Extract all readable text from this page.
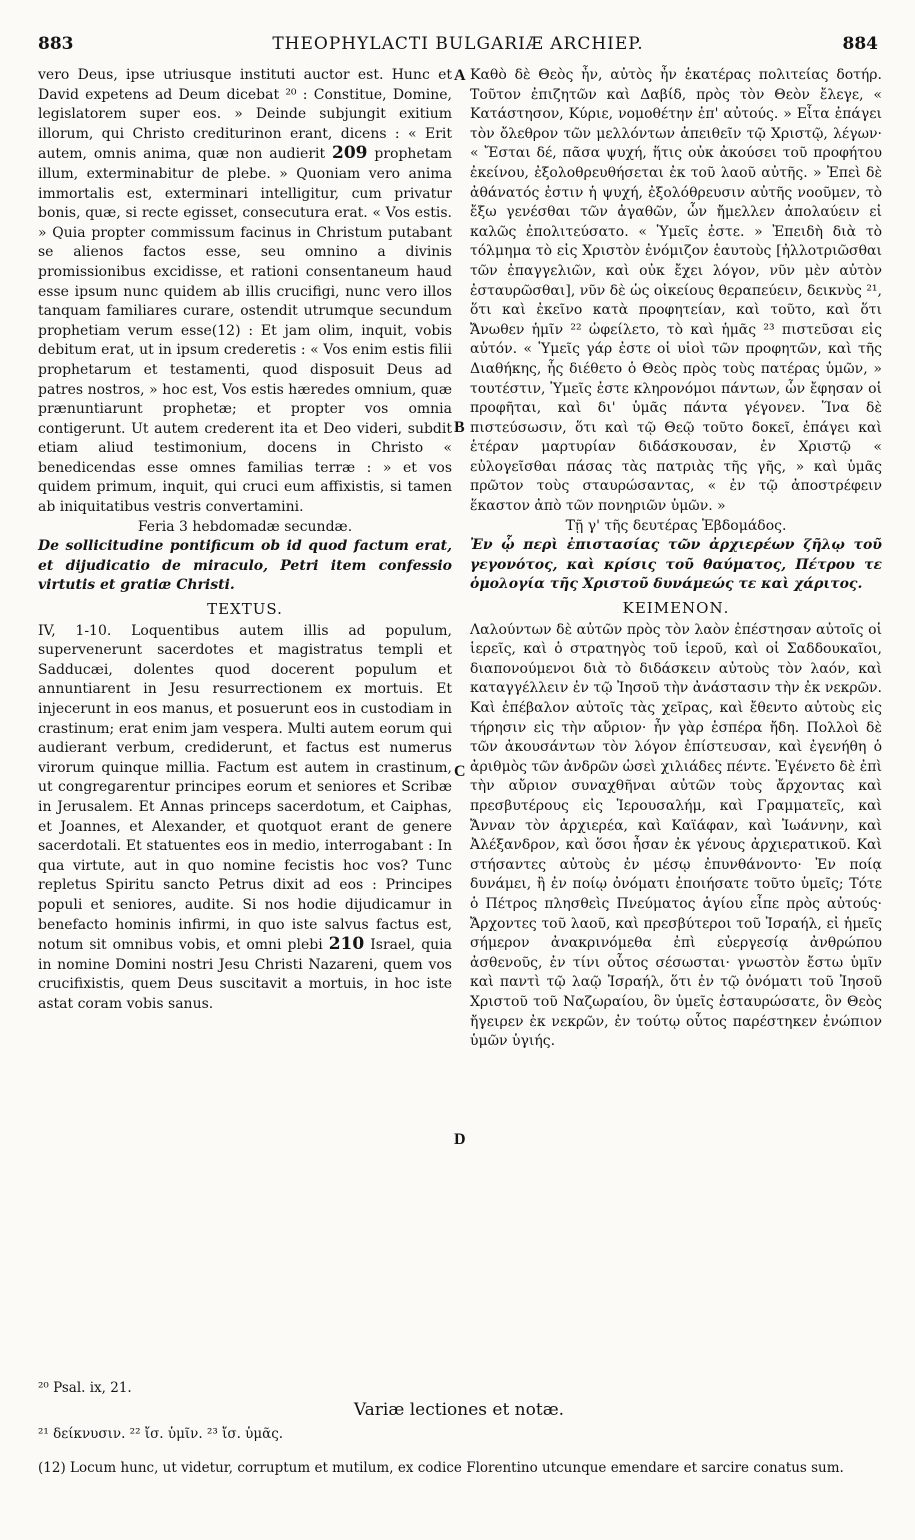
883	THEOPHYLACTI BULGARIÆ ARCHIEP.	884
A
B
C
D

vero Deus, ipse utriusque instituti auctor est. Hunc et David expetens ad Deum dicebat ²⁰ : Constitue, Domine, legislatorem super eos. » Deinde subjungit exitium illorum, qui Christo crediturinon erant, dicens : « Erit autem, omnis anima, quæ non audierit 209 prophetam illum, exterminabitur de plebe. » Quoniam vero anima immortalis est, exterminari intelligitur, cum privatur bonis, quæ, si recte egisset, consecutura erat. « Vos estis. » Quia propter commissum facinus in Christum putabant se alienos factos esse, seu omnino a divinis promissionibus excidisse, et rationi consentaneum haud esse ipsum nunc quidem ab illis crucifigi, nunc vero illos tanquam familiares curare, ostendit utrumque secundum prophetiam verum esse(12) : Et jam olim, inquit, vobis debitum erat, ut in ipsum crederetis : « Vos enim estis filii prophetarum et testamenti, quod disposuit Deus ad patres nostros, » hoc est, Vos estis hæredes omnium, quæ prænuntiarunt prophetæ; et propter vos omnia contigerunt. Ut autem crederent ita et Deo videri, subdit etiam aliud testimonium, docens in Christo « benedicendas esse omnes familias terræ : » et vos quidem primum, inquit, qui cruci eum affixistis, si tamen ab iniquitatibus vestris convertamini.

Feria 3 hebdomadæ secundæ.

De sollicitudine pontificum ob id quod factum erat, et dijudicatio de miraculo, Petri item confessio virtutis et gratiæ Christi.

TEXTUS.

IV, 1-10. Loquentibus autem illis ad populum, supervenerunt sacerdotes et magistratus templi et Sadducæi, dolentes quod docerent populum et annuntiarent in Jesu resurrectionem ex mortuis. Et injecerunt in eos manus, et posuerunt eos in custodiam in crastinum; erat enim jam vespera. Multi autem eorum qui audierant verbum, crediderunt, et factus est numerus virorum quinque millia. Factum est autem in crastinum, ut congregarentur principes eorum et seniores et Scribæ in Jerusalem. Et Annas princeps sacerdotum, et Caiphas, et Joannes, et Alexander, et quotquot erant de genere sacerdotali. Et statuentes eos in medio, interrogabant : In qua virtute, aut in quo nomine fecistis hoc vos? Tunc repletus Spiritu sancto Petrus dixit ad eos : Principes populi et seniores, audite. Si nos hodie dijudicamur in benefacto hominis infirmi, in quo iste salvus factus est, notum sit omnibus vobis, et omni plebi 210 Israel, quia in nomine Domini nostri Jesu Christi Nazareni, quem vos crucifixistis, quem Deus suscitavit a mortuis, in hoc iste astat coram vobis sanus.

Καθὸ δὲ Θεὸς ἦν, αὐτὸς ἦν ἑκατέρας πολιτείας δοτήρ. Τοῦτον ἐπιζητῶν καὶ Δαβίδ, πρὸς τὸν Θεὸν ἔλεγε, « Κατάστησον, Κύριε, νομοθέτην ἐπ' αὐτούς. » Εἶτα ἐπάγει τὸν ὄλεθρον τῶν μελλόντων ἀπειθεῖν τῷ Χριστῷ, λέγων· « Ἔσται δέ, πᾶσα ψυχή, ἥτις οὐκ ἀκούσει τοῦ προφήτου ἐκείνου, ἐξολοθρευθήσεται ἐκ τοῦ λαοῦ αὐτῆς. » Ἐπεὶ δὲ ἀθάνατός ἐστιν ἡ ψυχή, ἐξολόθρευσιν αὐτῆς νοοῦμεν, τὸ ἔξω γενέσθαι τῶν ἀγαθῶν, ὧν ἤμελλεν ἀπολαύειν εἰ καλῶς ἐπολιτεύσατο. « Ὑμεῖς ἐστε. » Ἐπειδὴ διὰ τὸ τόλμημα τὸ εἰς Χριστὸν ἐνόμιζον ἑαυτοὺς [ἠλλοτριῶσθαι τῶν ἐπαγγελιῶν, καὶ οὐκ ἔχει λόγον, νῦν μὲν αὐτὸν ἐσταυρῶσθαι], νῦν δὲ ὡς οἰκείους θεραπεύειν, δεικνὺς ²¹, ὅτι καὶ ἐκεῖνο κατὰ προφητείαν, καὶ τοῦτο, καὶ ὅτι Ἄνωθεν ἡμῖν ²² ὠφείλετο, τὸ καὶ ἡμᾶς ²³ πιστεῦσαι εἰς αὐτόν. « Ὑμεῖς γάρ ἐστε οἱ υἱοὶ τῶν προφητῶν, καὶ τῆς Διαθήκης, ἧς διέθετο ὁ Θεὸς πρὸς τοὺς πατέρας ὑμῶν, » τουτέστιν, Ὑμεῖς ἐστε κληρονόμοι πάντων, ὧν ἔφησαν οἱ προφῆται, καὶ δι' ὑμᾶς πάντα γέγονεν. Ἵνα δὲ πιστεύσωσιν, ὅτι καὶ τῷ Θεῷ τοῦτο δοκεῖ, ἐπάγει καὶ ἑτέραν μαρτυρίαν διδάσκουσαν, ἐν Χριστῷ « εὐλογεῖσθαι πάσας τὰς πατριὰς τῆς γῆς, » καὶ ὑμᾶς πρῶτον τοὺς σταυρώσαντας, « ἐν τῷ ἀποστρέφειν ἕκαστον ἀπὸ τῶν πονηριῶν ὑμῶν. »

Τῇ γ' τῆς δευτέρας Ἑβδομάδος.

Ἐν ᾧ περὶ ἐπιστασίας τῶν ἀρχιερέων ζῆλῳ τοῦ γεγονότος, καὶ κρίσις τοῦ θαύματος, Πέτρου τε ὁμολογία τῆς Χριστοῦ δυνάμεώς τε καὶ χάριτος.

ΚΕΙΜΕΝΟΝ.

Λαλούντων δὲ αὐτῶν πρὸς τὸν λαὸν ἐπέστησαν αὐτοῖς οἱ ἱερεῖς, καὶ ὁ στρατηγὸς τοῦ ἱεροῦ, καὶ οἱ Σαδδουκαῖοι, διαπονούμενοι διὰ τὸ διδάσκειν αὐτοὺς τὸν λαόν, καὶ καταγγέλλειν ἐν τῷ Ἰησοῦ τὴν ἀνάστασιν τὴν ἐκ νεκρῶν. Καὶ ἐπέβαλον αὐτοῖς τὰς χεῖρας, καὶ ἔθεντο αὐτοὺς εἰς τήρησιν εἰς τὴν αὔριον· ἦν γὰρ ἑσπέρα ἤδη. Πολλοὶ δὲ τῶν ἀκουσάντων τὸν λόγον ἐπίστευσαν, καὶ ἐγενήθη ὁ ἀριθμὸς τῶν ἀνδρῶν ὡσεὶ χιλιάδες πέντε. Ἐγένετο δὲ ἐπὶ τὴν αὔριον συναχθῆναι αὐτῶν τοὺς ἄρχοντας καὶ πρεσβυτέρους εἰς Ἱερουσαλήμ, καὶ Γραμματεῖς, καὶ Ἄνναν τὸν ἀρχιερέα, καὶ Καϊάφαν, καὶ Ἰωάννην, καὶ Ἀλέξανδρον, καὶ ὅσοι ἦσαν ἐκ γένους ἀρχιερατικοῦ. Καὶ στήσαντες αὐτοὺς ἐν μέσῳ ἐπυνθάνοντο· Ἐν ποίᾳ δυνάμει, ἢ ἐν ποίῳ ὀνόματι ἐποιήσατε τοῦτο ὑμεῖς; Τότε ὁ Πέτρος πλησθεὶς Πνεύματος ἁγίου εἶπε πρὸς αὐτούς· Ἄρχοντες τοῦ λαοῦ, καὶ πρεσβύτεροι τοῦ Ἰσραήλ, εἰ ἡμεῖς σήμερον ἀνακρινόμεθα ἐπὶ εὐεργεσίᾳ ἀνθρώπου ἀσθενοῦς, ἐν τίνι οὗτος σέσωσται· γνωστὸν ἔστω ὑμῖν καὶ παντὶ τῷ λαῷ Ἰσραήλ, ὅτι ἐν τῷ ὀνόματι τοῦ Ἰησοῦ Χριστοῦ τοῦ Ναζωραίου, ὃν ὑμεῖς ἐσταυρώσατε, ὃν Θεὸς ἤγειρεν ἐκ νεκρῶν, ἐν τούτῳ οὗτος παρέστηκεν ἐνώπιον ὑμῶν ὑγιής.

²⁰ Psal. ix, 21.
Variæ lectiones et notæ.
²¹ δείκνυσιν. ²² ἴσ. ὑμῖν. ²³ ἴσ. ὑμᾶς.
(12) Locum hunc, ut videtur, corruptum et mutilum, ex codice Florentino utcunque emendare et sarcire conatus sum.
